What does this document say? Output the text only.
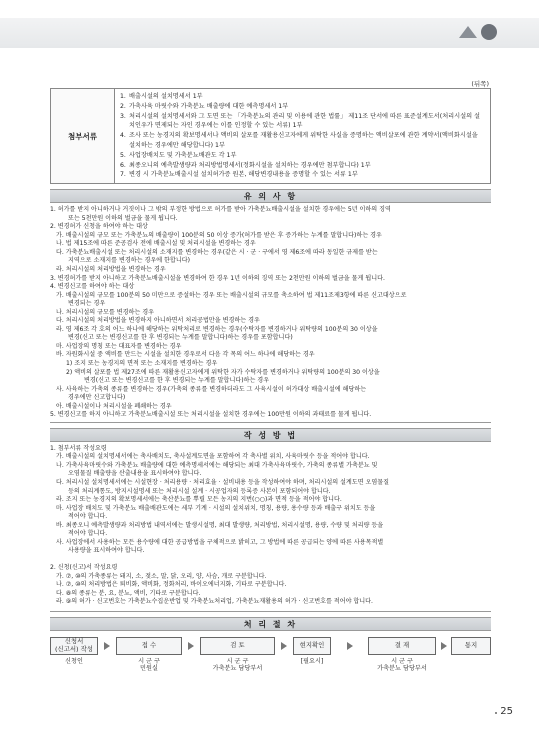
(뒤쪽)
첨부서류	
1. 배출시설의 설치명세서 1부
2. 가축사육 마릿수와 가축분뇨 배출량에 대한 예측명세서 1부
3. 처리시설의 설치명세서와 그 도면 또는 「가축분뇨의 관리 및 이용에 관한 법률」 제11조 단서에 따른 표준설계도서(처리시설의 설치인우가 면제되는 자인 경우에는 이를 인정할 수 있는 서류) 1부
4. 조사 또는 농경지의 확보명세서나 액비의 살포를 재활용신고자에게 위탁한 사실을 증명하는 액비살포에 관한 계약서(액비화시설을 설치하는 경우에만 해당합니다) 1부
5. 사업장배치도 및 가축분뇨배관도 각 1부
6. 최종오니의 예측발생량과 처리방법명세서(정화시설을 설치하는 경우에만 첨부합니다) 1부
7. 변경 시 가축분뇨배출시설 설치허가증 원본, 해당변경내용을 증명할 수 있는 서류 1부
유 의 사 항
1. 허가를 받지 아니하거나 거짓이나 그 밖의 부정한 방법으로 허가를 받아 가축분뇨배출시설을 설치한 경우에는 5년 이하의 징역
또는 5천만원 이하의 벌금을 물게 됩니다.
2. 변경허가 신청을 하여야 하는 대상
가. 배출시설의 규모 또는 가축분뇨의 배출량이 100분의 50 이상 증가(허가를 받은 후 증가하는 누계를 말합니다)하는 경우
나. 법 제15조에 따른 준공검사 전에 배출시설 및 처리시설을 변경하는 경우
다. 가축분뇨배출시설 또는 처리시설의 소재지를 변경하는 경우(같은 시 · 군 · 구에서 영 제6조에 따라 동일한 규제를 받는
지역으로 소재지를 변경하는 경우에 한합니다)
라. 처리시설의 처리방법을 변경하는 경우
3. 변경허가를 받지 아니하고 가축분뇨배출시설을 변경하여 한 경우 1년 이하의 징역 또는 2천만원 이하의 벌금을 물게 됩니다.
4. 변경신고를 하여야 하는 대상
가. 배출시설의 규모를 100분의 50 미만으로 증설하는 경우 또는 배출시설의 규모를 축소하여 법 제11조제3항에 따른 신고대상으로
변경되는 경우
나. 처리시설의 규모를 변경하는 경우
다. 처리시설의 처리방법을 변경하지 아니하면서 처리공법만을 변경하는 경우
라. 영 제6조 각 호의 어느 하나에 해당하는 위탁처리로 변경하는 경우(수탁자를 변경하거나 위탁량의 100분의 30 이상을
변경(신고 또는 변경신고를 한 후 변경되는 누계를 말합니다)하는 경우를 포함합니다)
마. 사업장의 명칭 또는 대표자를 변경하는 경우
바. 자원화시설 중 액비를 만드는 시설을 설치한 경우로서 다음 각 목의 어느 하나에 해당하는 경우
1) 조지 또는 농경지의 면적 또는 소재지를 변경하는 경우
2) 액비의 살포를 법 제27조에 따른 재활용신고자에게 위탁한 자가 수탁자를 변경하거나 위탁량의 100분의 30 이상을
변경(신고 또는 변경신고를 한 후 변경되는 누계를 말합니다)하는 경우
사. 사육하는 가축의 종류를 변경하는 경우(가축의 종류를 변경하더라도 그 사육시설이 허가대상 배출시설에 해당하는
경우에만 신고합니다)
아. 배출시설이나 처리시설을 폐쇄하는 경우
5. 변경신고를 하지 아니하고 가축분뇨배출시설 또는 처리시설을 설치한 경우에는 100만원 이하의 과태료를 물게 됩니다.
작 성 방 법
1. 첨부서류 작성요령
가. 배출시설의 설치명세서에는 축사배치도, 축사설계도면을 포함하여 각 축사별 위치, 사육마릿수 등을 적어야 합니다.
나. 가축사육마릿수와 가축분뇨 배출량에 대한 예측명세서에는 해당되는 최대 가축사육마릿수, 가축의 종류별 가축분뇨 및
오염물질 배출량을 산출내용을 표시하여야 합니다.
다. 처리시설 설치명세서에는 시설현장 · 처리용량 · 처리효율 · 설비내용 등을 작성하여야 하며, 처리시설의 설계도면 오염물질
등의 처리계통도, 방지시설명세 또는 처리시설 설계 · 시공업자의 등록증 사본이 포함되어야 합니다.
라. 조지 또는 농경지의 확보명세서에는 축산분뇨를 뿌릴 모든 농지의 지번(○○)과 면적 등을 적어야 합니다.
마. 사업장 배치도 및 가축분뇨 배출배관도에는 세부 기계 · 시설의 설치위치, 명칭, 용량, 용수량 등과 배출구 위치도 등을
적어야 합니다.
바. 최종오니 예측발생량과 처리방법 내역서에는 발생시설명, 최대 발생량, 처리방법, 처리시설명, 용량, 수량 및 처리량 등을
적어야 합니다.
사. 사업장에서 사용하는 모든 용수량에 대한 공급방법을 구체적으로 밝히고, 그 방법에 따른 공급되는 양에 따른 사용목적별
사용량을 표시하여야 합니다.
2. 신청(신고)서 작성요령
가. ⑦, ⑩의 가축종류는 돼지, 소, 젖소, 말, 닭, 오리, 양, 사슴, 개로 구분합니다.
나. ⑦, ⑩의 처리방법은 퇴비화, 액비화, 정화처리, 바이오에너지화, 기타로 구분합니다.
다. ⑧의 종류는 분, 요, 분뇨, 액비, 기타로 구분합니다.
라. ⑨의 허가 · 신고번호는 가축분뇨수집운반업 및 가축분뇨처리업, 가축분뇨재활용의 허가 · 신고번호를 적어야 합니다.
처 리 절 차
신청서
(신고서) 작성
신청인
접 수
시 군 구
민원실
검 토
시 군 구
가축분뇨 담당부서
현지확인
[필요시]
결 재
시 군 구
가축분뇨 담당부서
통지
25
